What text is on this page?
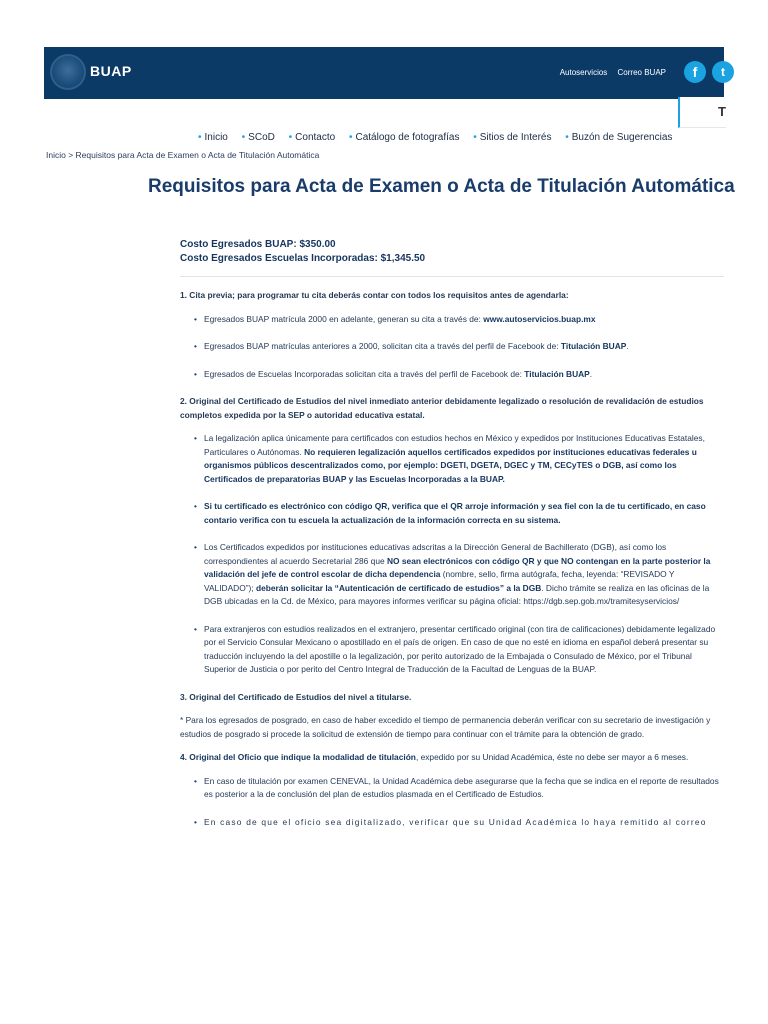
BUAP	Autoservicios Correo BUAP	f	t
T
• Inicio • SCoD • Contacto • Catálogo de fotografías • Sitios de Interés • Buzón de Sugerencias
Inicio > Requisitos para Acta de Examen o Acta de Titulación Automática
Requisitos para Acta de Examen o Acta de Titulación Automática
Costo Egresados BUAP: $350.00
Costo Egresados Escuelas Incorporadas: $1,345.50

1. Cita previa; para programar tu cita deberás contar con todos los requisitos antes de agendarla:

• Egresados BUAP matrícula 2000 en adelante, generan su cita a través de: www.autoservicios.buap.mx
• Egresados BUAP matrículas anteriores a 2000, solicitan cita a través del perfil de Facebook de: Titulación BUAP.
• Egresados de Escuelas Incorporadas solicitan cita a través del perfil de Facebook de: Titulación BUAP.

2. Original del Certificado de Estudios del nivel inmediato anterior debidamente legalizado o resolución de revalidación de estudios completos expedida por la SEP o autoridad educativa estatal.

• La legalización aplica únicamente para certificados con estudios hechos en México y expedidos por Instituciones Educativas Estatales, Particulares o Autónomas. No requieren legalización aquellos certificados expedidos por instituciones educativas federales u organismos públicos descentralizados como, por ejemplo: DGETI, DGETA, DGEC y TM, CECyTES o DGB, así como los Certificados de preparatorias BUAP y las Escuelas Incorporadas a la BUAP.
• Si tu certificado es electrónico con código QR, verifica que el QR arroje información y sea fiel con la de tu certificado, en caso contario verifica con tu escuela la actualización de la información correcta en su sistema.
• Los Certificados expedidos por instituciones educativas adscritas a la Dirección General de Bachillerato (DGB), así como los correspondientes al acuerdo Secretarial 286 que NO sean electrónicos con código QR y que NO contengan en la parte posterior la validación del jefe de control escolar de dicha dependencia (nombre, sello, firma autógrafa, fecha, leyenda: “REVISADO Y VALIDADO”); deberán solicitar la “Autenticación de certificado de estudios” a la DGB. Dicho trámite se realiza en las oficinas de la DGB ubicadas en la Cd. de México, para mayores informes verificar su página oficial: https://dgb.sep.gob.mx/tramitesyservicios/
• Para extranjeros con estudios realizados en el extranjero, presentar certificado original (con tira de calificaciones) debidamente legalizado por el Servicio Consular Mexicano o apostillado en el país de origen. En caso de que no esté en idioma en español deberá presentar su traducción incluyendo la del apostille o la legalización, por perito autorizado de la Embajada o Consulado de México, por el Tribunal Superior de Justicia o por perito del Centro Integral de Traducción de la Facultad de Lenguas de la BUAP.

3. Original del Certificado de Estudios del nivel a titularse.

* Para los egresados de posgrado, en caso de haber excedido el tiempo de permanencia deberán verificar con su secretario de investigación y estudios de posgrado si procede la solicitud de extensión de tiempo para continuar con el trámite para la obtención de grado.

4. Original del Oficio que indique la modalidad de titulación, expedido por su Unidad Académica, éste no debe ser mayor a 6 meses.

• En caso de titulación por examen CENEVAL, la Unidad Académica debe asegurarse que la fecha que se indica en el reporte de resultados es posterior a la de conclusión del plan de estudios plasmada en el Certificado de Estudios.
• En caso de que el oficio sea digitalizado, verificar que su Unidad Académica lo haya remitido al correo
